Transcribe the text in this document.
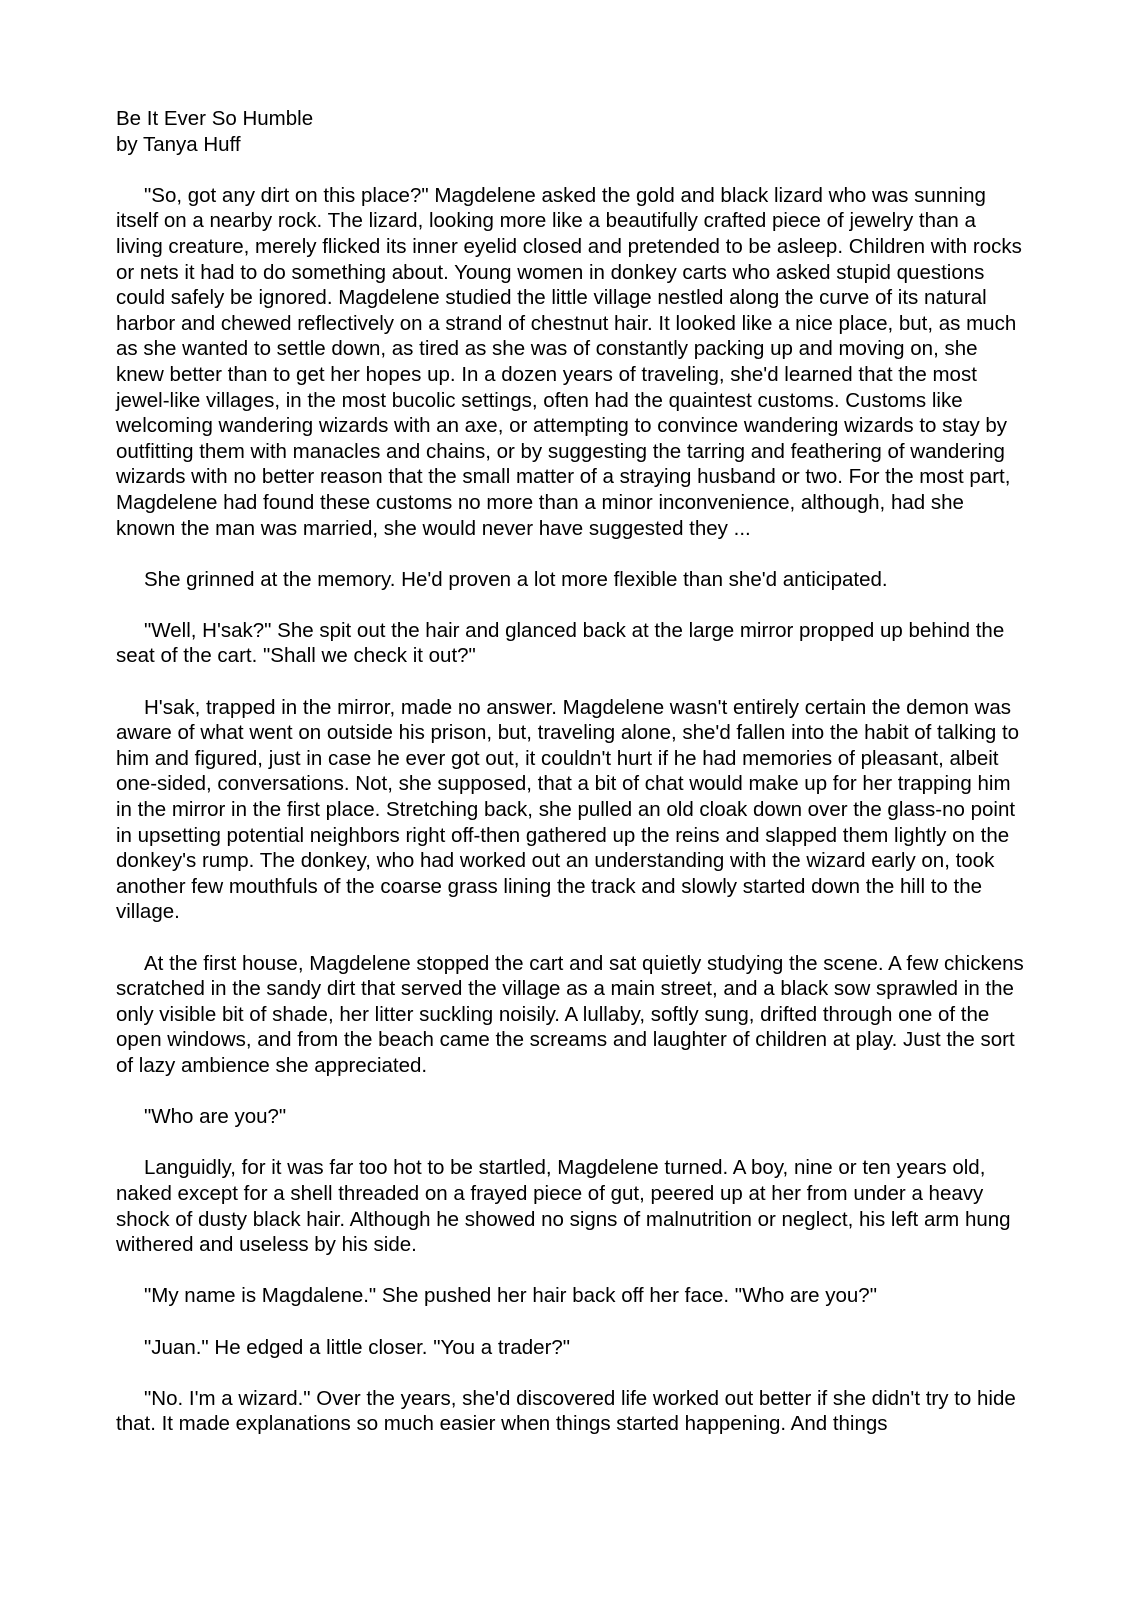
Be It Ever So Humble
by Tanya Huff

"So, got any dirt on this place?" Magdelene asked the gold and black lizard who was sunning itself on a nearby rock. The lizard, looking more like a beautifully crafted piece of jewelry than a living creature, merely flicked its inner eyelid closed and pretended to be asleep. Children with rocks or nets it had to do something about. Young women in donkey carts who asked stupid questions could safely be ignored. Magdelene studied the little village nestled along the curve of its natural harbor and chewed reflectively on a strand of chestnut hair. It looked like a nice place, but, as much as she wanted to settle down, as tired as she was of constantly packing up and moving on, she knew better than to get her hopes up. In a dozen years of traveling, she'd learned that the most jewel-like villages, in the most bucolic settings, often had the quaintest customs. Customs like welcoming wandering wizards with an axe, or attempting to convince wandering wizards to stay by outfitting them with manacles and chains, or by suggesting the tarring and feathering of wandering wizards with no better reason that the small matter of a straying husband or two. For the most part, Magdelene had found these customs no more than a minor inconvenience, although, had she known the man was married, she would never have suggested they ...

She grinned at the memory. He'd proven a lot more flexible than she'd anticipated.

"Well, H'sak?" She spit out the hair and glanced back at the large mirror propped up behind the seat of the cart. "Shall we check it out?"

H'sak, trapped in the mirror, made no answer. Magdelene wasn't entirely certain the demon was aware of what went on outside his prison, but, traveling alone, she'd fallen into the habit of talking to him and figured, just in case he ever got out, it couldn't hurt if he had memories of pleasant, albeit one-sided, conversations. Not, she supposed, that a bit of chat would make up for her trapping him in the mirror in the first place. Stretching back, she pulled an old cloak down over the glass-no point in upsetting potential neighbors right off-then gathered up the reins and slapped them lightly on the donkey's rump. The donkey, who had worked out an understanding with the wizard early on, took another few mouthfuls of the coarse grass lining the track and slowly started down the hill to the village.

At the first house, Magdelene stopped the cart and sat quietly studying the scene. A few chickens scratched in the sandy dirt that served the village as a main street, and a black sow sprawled in the only visible bit of shade, her litter suckling noisily. A lullaby, softly sung, drifted through one of the open windows, and from the beach came the screams and laughter of children at play. Just the sort of lazy ambience she appreciated.

"Who are you?"

Languidly, for it was far too hot to be startled, Magdelene turned. A boy, nine or ten years old, naked except for a shell threaded on a frayed piece of gut, peered up at her from under a heavy shock of dusty black hair. Although he showed no signs of malnutrition or neglect, his left arm hung withered and useless by his side.

"My name is Magdalene." She pushed her hair back off her face. "Who are you?"

"Juan." He edged a little closer. "You a trader?"

"No. I'm a wizard." Over the years, she'd discovered life worked out better if she didn't try to hide that. It made explanations so much easier when things started happening. And things
